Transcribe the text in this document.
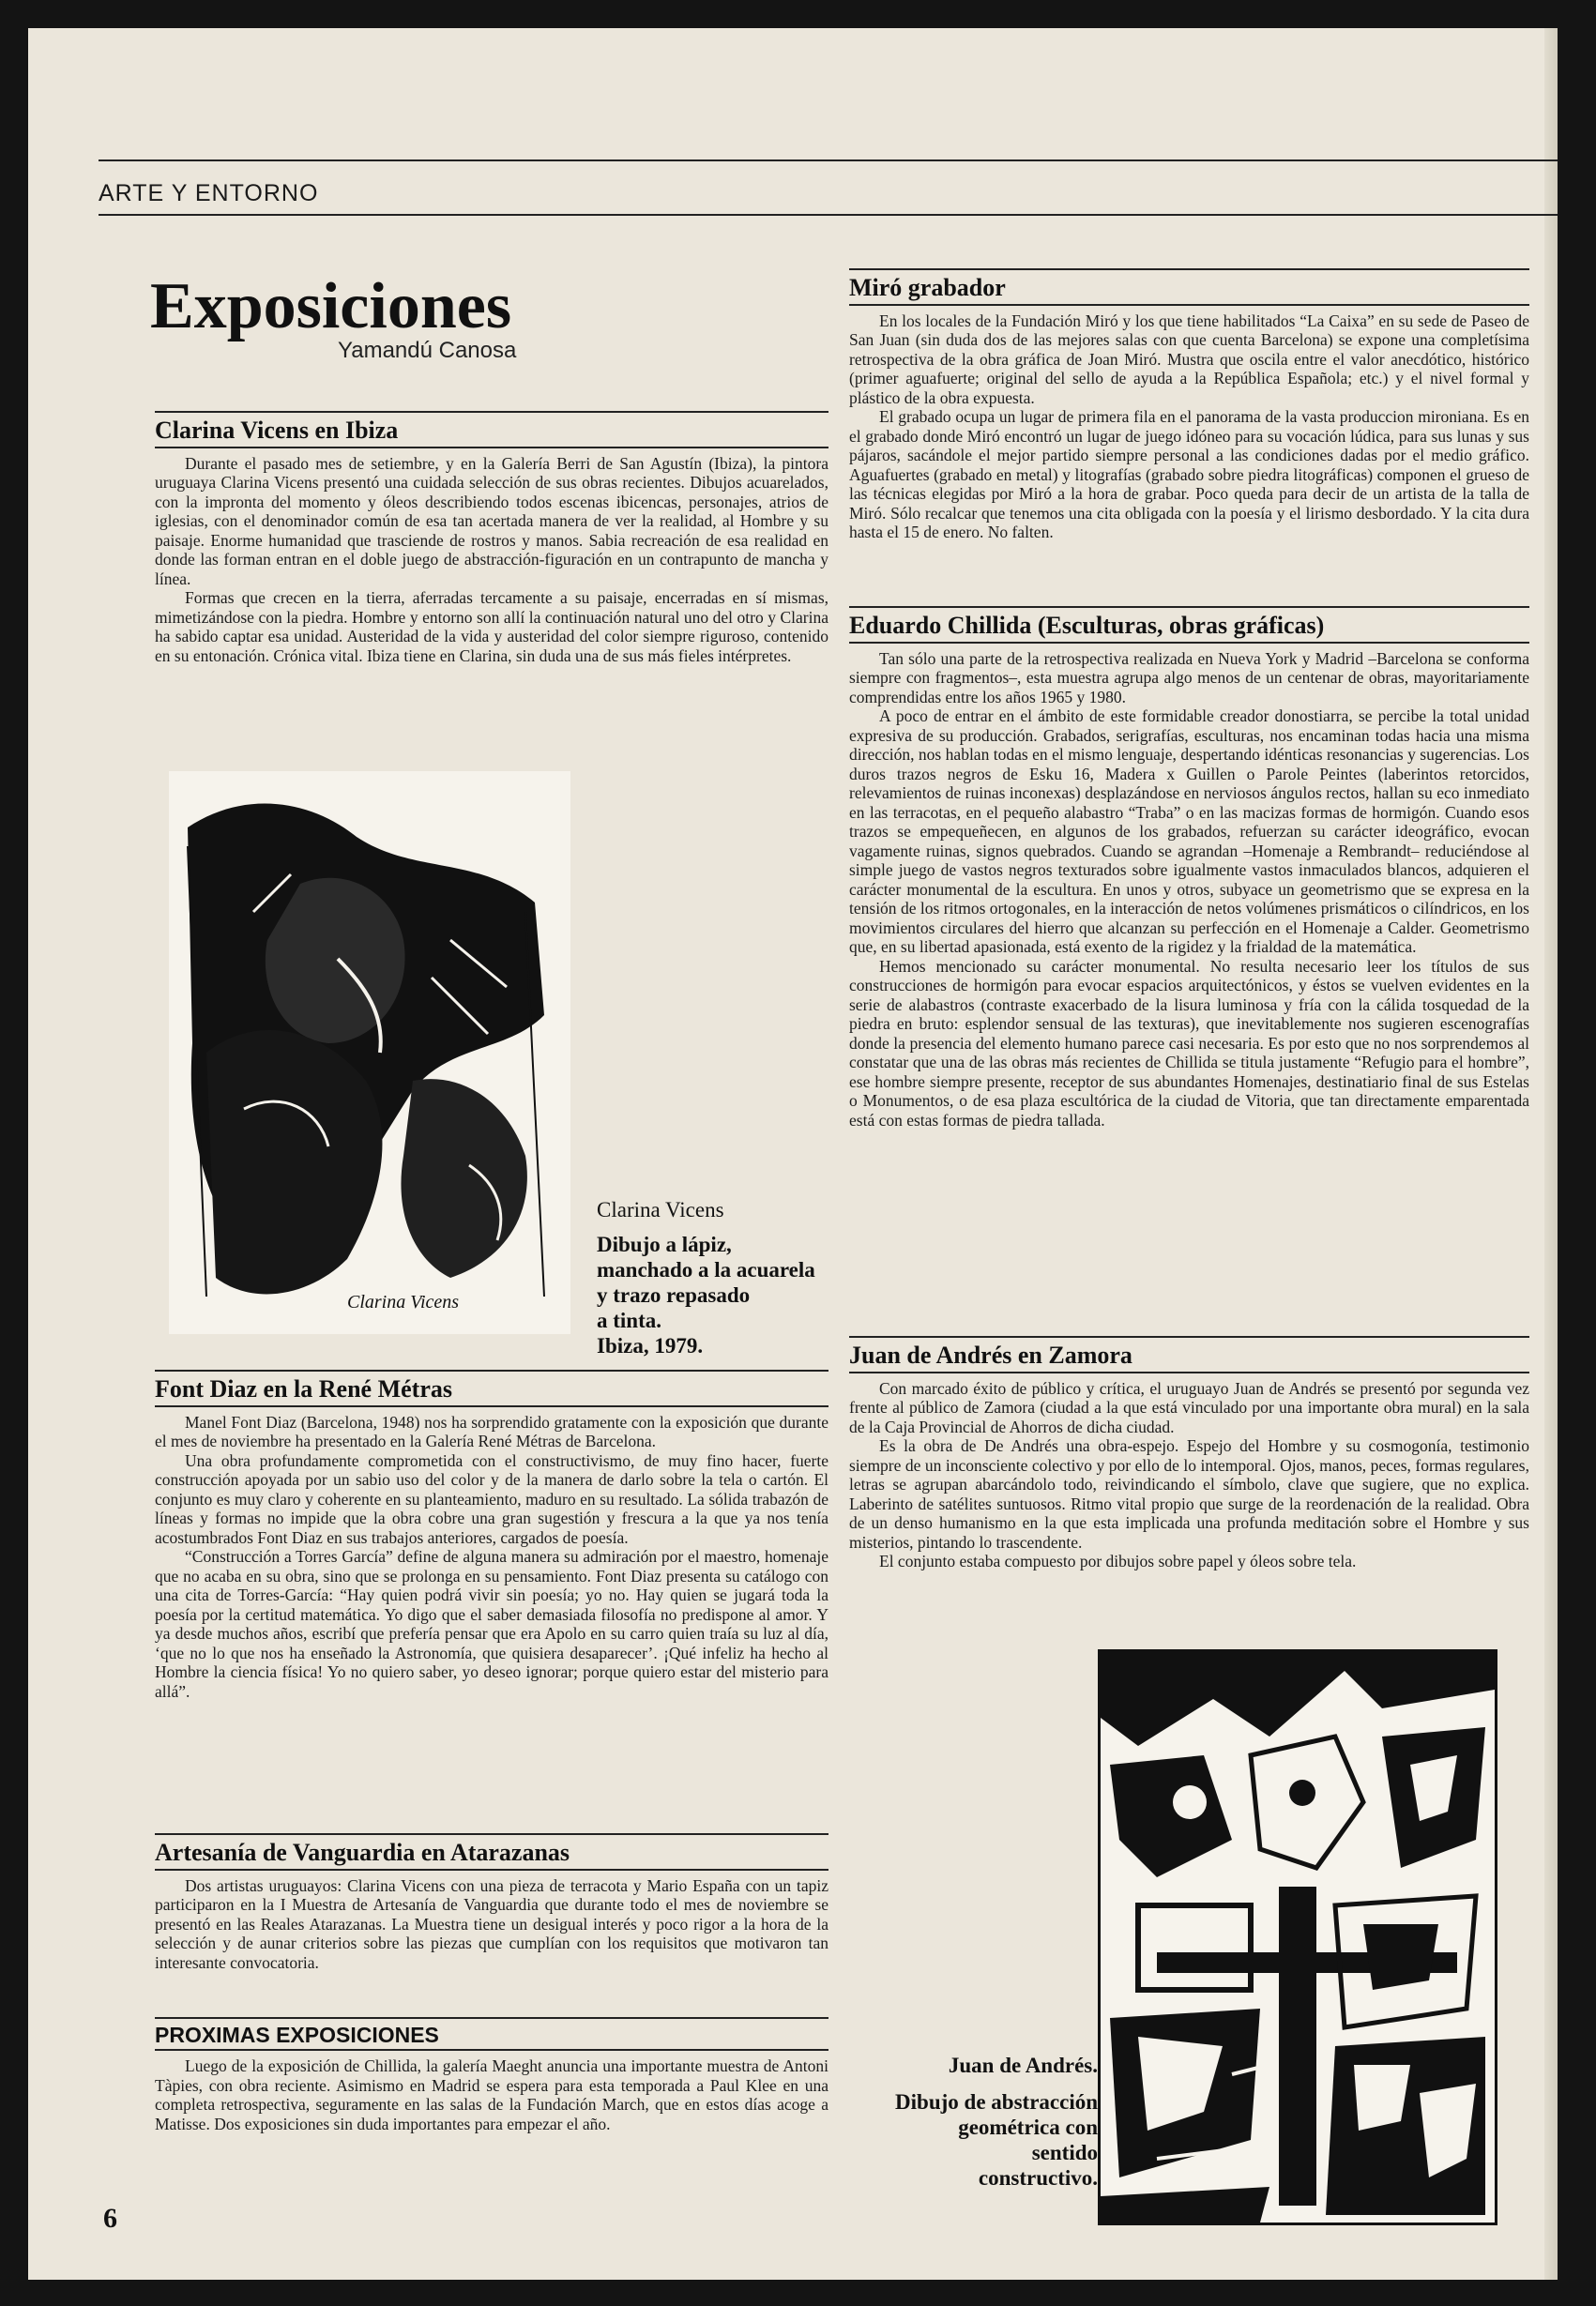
ARTE Y ENTORNO
Exposiciones
Yamandú Canosa
Clarina Vicens en Ibiza

Durante el pasado mes de setiembre, y en la Galería Berri de San Agustín (Ibiza), la pintora uruguaya Clarina Vicens presentó una cuidada selección de sus obras recientes. Dibujos acuarelados, con la impronta del momento y óleos describiendo todos escenas ibicencas, personajes, atrios de iglesias, con el denominador común de esa tan acertada manera de ver la realidad, al Hombre y su paisaje. Enorme humanidad que trasciende de rostros y manos. Sabia recreación de esa realidad en donde las forman entran en el doble juego de abstracción-figuración en un contrapunto de mancha y línea.

Formas que crecen en la tierra, aferradas tercamente a su paisaje, encerradas en sí mismas, mimetizándose con la piedra. Hombre y entorno son allí la continuación natural uno del otro y Clarina ha sabido captar esa unidad. Austeridad de la vida y austeridad del color siempre riguroso, contenido en su entonación. Crónica vital. Ibiza tiene en Clarina, sin duda una de sus más fieles intérpretes.

Clarina Vicens
Clarina Vicens
Dibujo a lápiz,
manchado a la acuarela
y trazo repasado
a tinta.
Ibiza, 1979.
Font Diaz en la René Métras

Manel Font Diaz (Barcelona, 1948) nos ha sorprendido gratamente con la exposición que durante el mes de noviembre ha presentado en la Galería René Métras de Barcelona.

Una obra profundamente comprometida con el constructivismo, de muy fino hacer, fuerte construcción apoyada por un sabio uso del color y de la manera de darlo sobre la tela o cartón. El conjunto es muy claro y coherente en su planteamiento, maduro en su resultado. La sólida trabazón de líneas y formas no impide que la obra cobre una gran sugestión y frescura a la que ya nos tenía acostumbrados Font Diaz en sus trabajos anteriores, cargados de poesía.

“Construcción a Torres García” define de alguna manera su admiración por el maestro, homenaje que no acaba en su obra, sino que se prolonga en su pensamiento. Font Diaz presenta su catálogo con una cita de Torres-García: “Hay quien podrá vivir sin poesía; yo no. Hay quien se jugará toda la poesía por la certitud matemática. Yo digo que el saber demasiada filosofía no predispone al amor. Y ya desde muchos años, escribí que prefería pensar que era Apolo en su carro quien traía su luz al día, ‘que no lo que nos ha enseñado la Astronomía, que quisiera desaparecer’. ¡Qué infeliz ha hecho al Hombre la ciencia física! Yo no quiero saber, yo deseo ignorar; porque quiero estar del misterio para allá”.

Artesanía de Vanguardia en Atarazanas

Dos artistas uruguayos: Clarina Vicens con una pieza de terracota y Mario España con un tapiz participaron en la I Muestra de Artesanía de Vanguardia que durante todo el mes de noviembre se presentó en las Reales Atarazanas. La Muestra tiene un desigual interés y poco rigor a la hora de la selección y de aunar criterios sobre las piezas que cumplían con los requisitos que motivaron tan interesante convocatoria.

PROXIMAS EXPOSICIONES

Luego de la exposición de Chillida, la galería Maeght anuncia una importante muestra de Antoni Tàpies, con obra reciente. Asimismo en Madrid se espera para esta temporada a Paul Klee en una completa retrospectiva, seguramente en las salas de la Fundación March, que en estos días acoge a Matisse. Dos exposiciones sin duda importantes para empezar el año.

Miró grabador

En los locales de la Fundación Miró y los que tiene habilitados “La Caixa” en su sede de Paseo de San Juan (sin duda dos de las mejores salas con que cuenta Barcelona) se expone una completísima retrospectiva de la obra gráfica de Joan Miró. Mustra que oscila entre el valor anecdótico, histórico (primer aguafuerte; original del sello de ayuda a la República Española; etc.) y el nivel formal y plástico de la obra expuesta.

El grabado ocupa un lugar de primera fila en el panorama de la vasta produccion mironiana. Es en el grabado donde Miró encontró un lugar de juego idóneo para su vocación lúdica, para sus lunas y sus pájaros, sacándole el mejor partido siempre personal a las condiciones dadas por el medio gráfico. Aguafuertes (grabado en metal) y litografías (grabado sobre piedra litográficas) componen el grueso de las técnicas elegidas por Miró a la hora de grabar. Poco queda para decir de un artista de la talla de Miró. Sólo recalcar que tenemos una cita obligada con la poesía y el lirismo desbordado. Y la cita dura hasta el 15 de enero. No falten.

Eduardo Chillida (Esculturas, obras gráficas)

Tan sólo una parte de la retrospectiva realizada en Nueva York y Madrid –Barcelona se conforma siempre con fragmentos–, esta muestra agrupa algo menos de un centenar de obras, mayoritariamente comprendidas entre los años 1965 y 1980.

A poco de entrar en el ámbito de este formidable creador donostiarra, se percibe la total unidad expresiva de su producción. Grabados, serigrafías, esculturas, nos encaminan todas hacia una misma dirección, nos hablan todas en el mismo lenguaje, despertando idénticas resonancias y sugerencias. Los duros trazos negros de Esku 16, Madera x Guillen o Parole Peintes (laberintos retorcidos, relevamientos de ruinas inconexas) desplazándose en nerviosos ángulos rectos, hallan su eco inmediato en las terracotas, en el pequeño alabastro “Traba” o en las macizas formas de hormigón. Cuando esos trazos se empequeñecen, en algunos de los grabados, refuerzan su carácter ideográfico, evocan vagamente ruinas, signos quebrados. Cuando se agrandan –Homenaje a Rembrandt– reduciéndose al simple juego de vastos negros texturados sobre igualmente vastos inmaculados blancos, adquieren el carácter monumental de la escultura. En unos y otros, subyace un geometrismo que se expresa en la tensión de los ritmos ortogonales, en la interacción de netos volúmenes prismáticos o cilíndricos, en los movimientos circulares del hierro que alcanzan su perfección en el Homenaje a Calder. Geometrismo que, en su libertad apasionada, está exento de la rigidez y la frialdad de la matemática.

Hemos mencionado su carácter monumental. No resulta necesario leer los títulos de sus construcciones de hormigón para evocar espacios arquitectónicos, y éstos se vuelven evidentes en la serie de alabastros (contraste exacerbado de la lisura luminosa y fría con la cálida tosquedad de la piedra en bruto: esplendor sensual de las texturas), que inevitablemente nos sugieren escenografías donde la presencia del elemento humano parece casi necesaria. Es por esto que no nos sorprendemos al constatar que una de las obras más recientes de Chillida se titula justamente “Refugio para el hombre”, ese hombre siempre presente, receptor de sus abundantes Homenajes, destinatiario final de sus Estelas o Monumentos, o de esa plaza escultórica de la ciudad de Vitoria, que tan directamente emparentada está con estas formas de piedra tallada.

Juan de Andrés en Zamora

Con marcado éxito de público y crítica, el uruguayo Juan de Andrés se presentó por segunda vez frente al público de Zamora (ciudad a la que está vinculado por una importante obra mural) en la sala de la Caja Provincial de Ahorros de dicha ciudad.

Es la obra de De Andrés una obra-espejo. Espejo del Hombre y su cosmogonía, testimonio siempre de un inconsciente colectivo y por ello de lo intemporal. Ojos, manos, peces, formas regulares, letras se agrupan abarcándolo todo, reivindicando el símbolo, clave que sugiere, que no explica. Laberinto de satélites suntuosos. Ritmo vital propio que surge de la reordenación de la realidad. Obra de un denso humanismo en la que esta implicada una profunda meditación sobre el Hombre y sus misterios, pintando lo trascendente.

El conjunto estaba compuesto por dibujos sobre papel y óleos sobre tela.

Juan de Andrés.
Dibujo de abstracción
geométrica con
sentido
constructivo.
6
